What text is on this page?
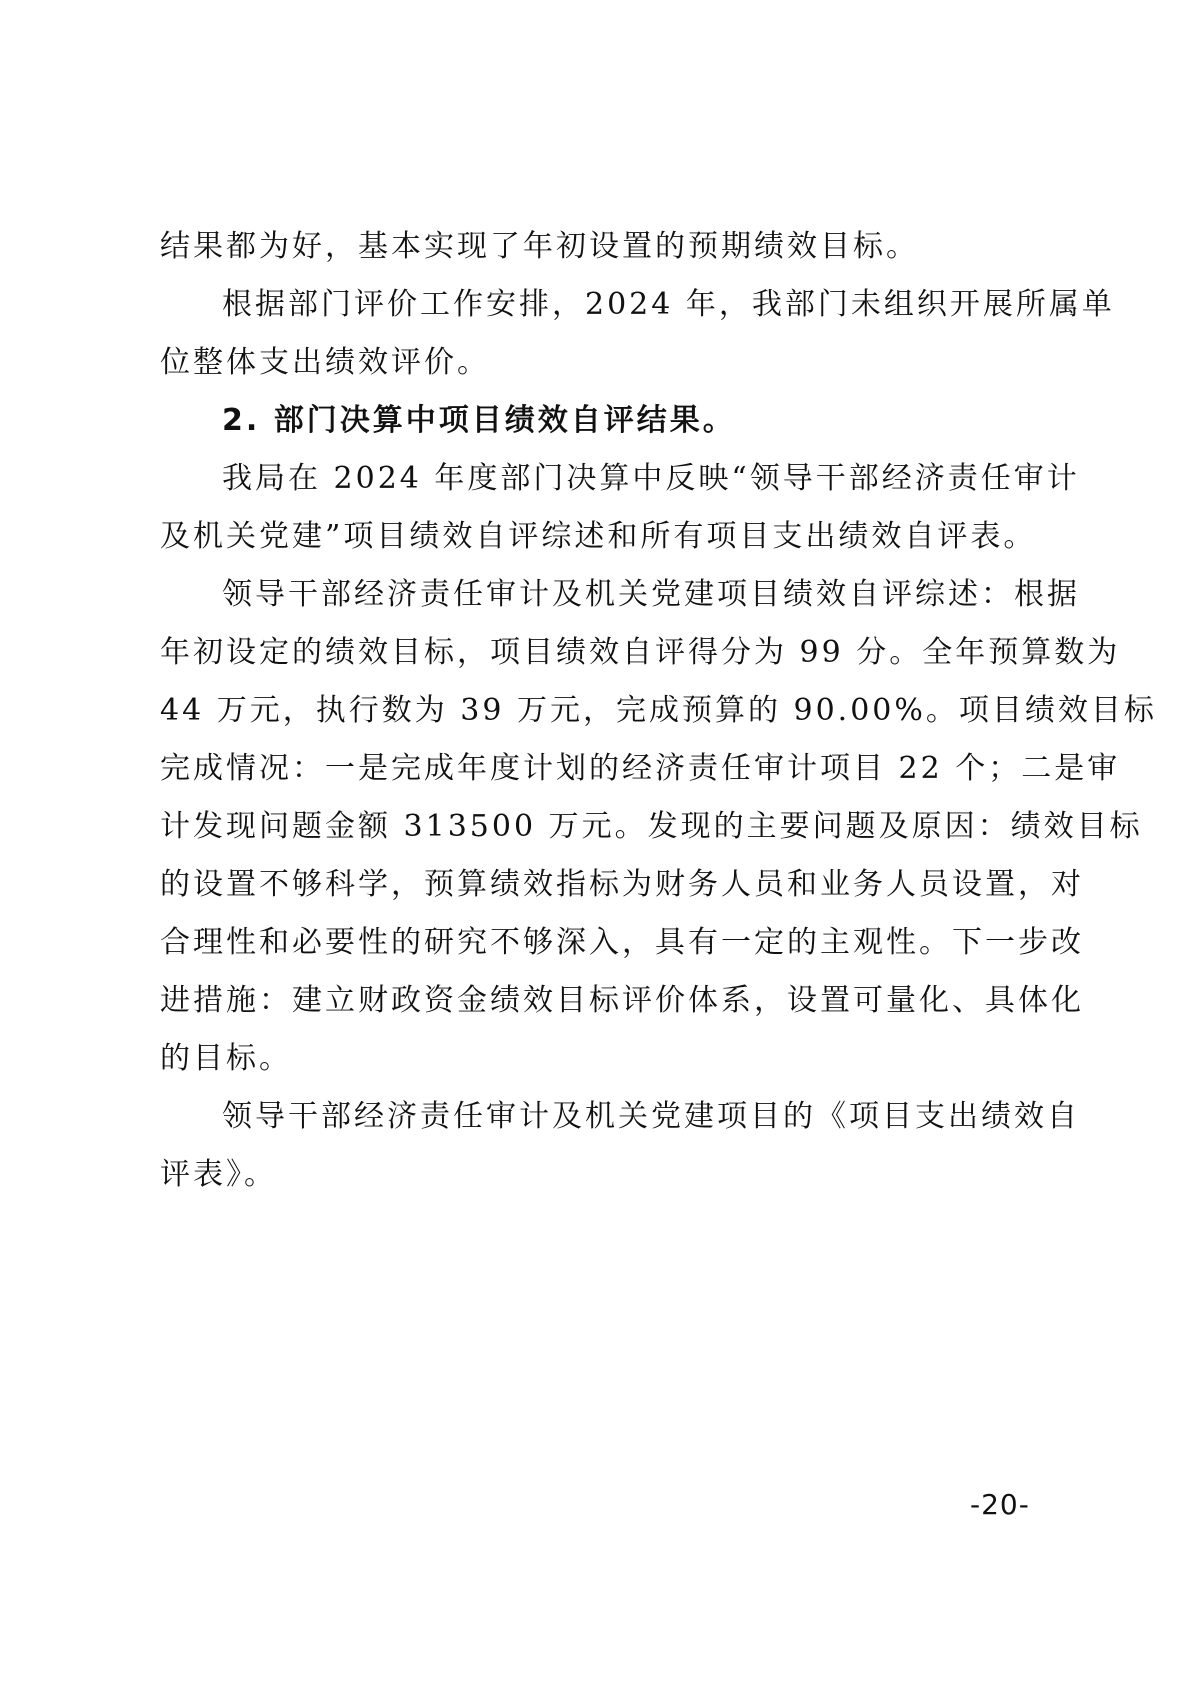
结果都为好，基本实现了年初设置的预期绩效目标。
根据部门评价工作安排，2024 年，我部门未组织开展所属单
位整体支出绩效评价。
2. 部门决算中项目绩效自评结果。
我局在 2024 年度部门决算中反映“领导干部经济责任审计
及机关党建”项目绩效自评综述和所有项目支出绩效自评表。
领导干部经济责任审计及机关党建项目绩效自评综述：根据
年初设定的绩效目标，项目绩效自评得分为 99 分。全年预算数为
44 万元，执行数为 39 万元，完成预算的 90.00%。项目绩效目标
完成情况：一是完成年度计划的经济责任审计项目 22 个；二是审
计发现问题金额 313500 万元。发现的主要问题及原因：绩效目标
的设置不够科学，预算绩效指标为财务人员和业务人员设置，对
合理性和必要性的研究不够深入，具有一定的主观性。下一步改
进措施：建立财政资金绩效目标评价体系，设置可量化、具体化
的目标。
领导干部经济责任审计及机关党建项目的《项目支出绩效自
评表》。
-20-
